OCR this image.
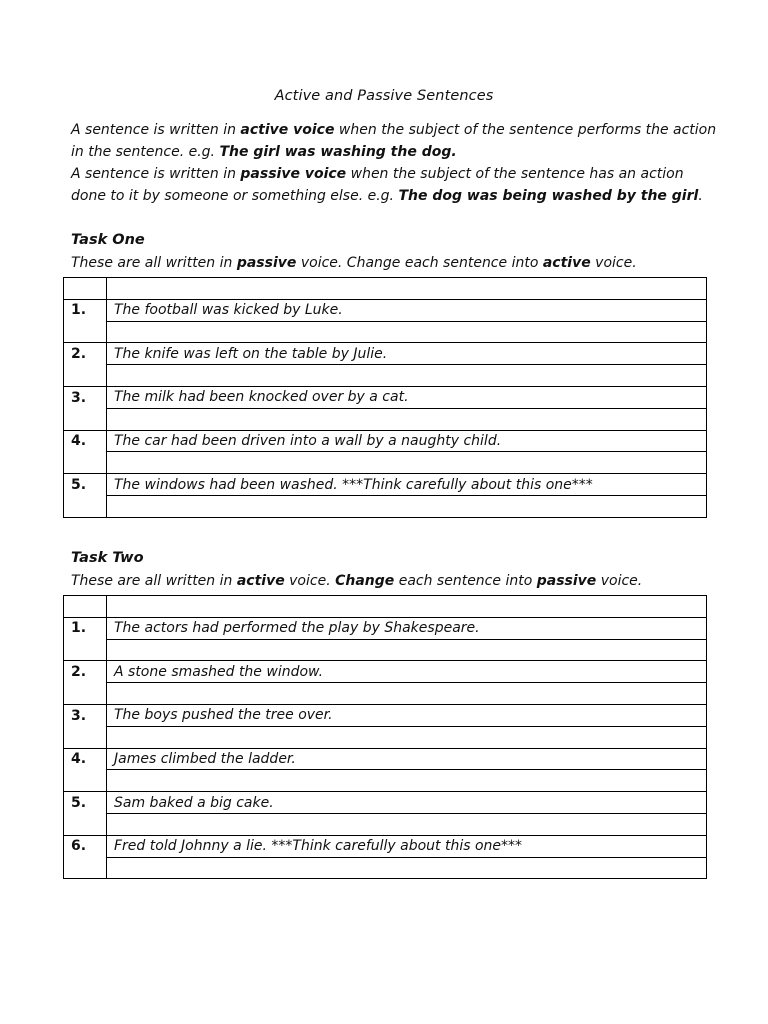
Active and Passive Sentences

A sentence is written in active voice when the subject of the sentence performs the action in the sentence. e.g. The girl was washing the dog.

A sentence is written in passive voice when the subject of the sentence has an action done to it by someone or something else. e.g. The dog was being washed by the girl.

Task One
These are all written in passive voice. Change each sentence into active voice.

1.	The football was kicked by Luke.

2.	The knife was left on the table by Julie.

3.	The milk had been knocked over by a cat.

4.	The car had been driven into a wall by a naughty child.

5.	The windows had been washed. ***Think carefully about this one***

Task Two
These are all written in active voice. Change each sentence into passive voice.

1.	The actors had performed the play by Shakespeare.

2.	A stone smashed the window.

3.	The boys pushed the tree over.

4.	James climbed the ladder.

5.	Sam baked a big cake.

6.	Fred told Johnny a lie. ***Think carefully about this one***
